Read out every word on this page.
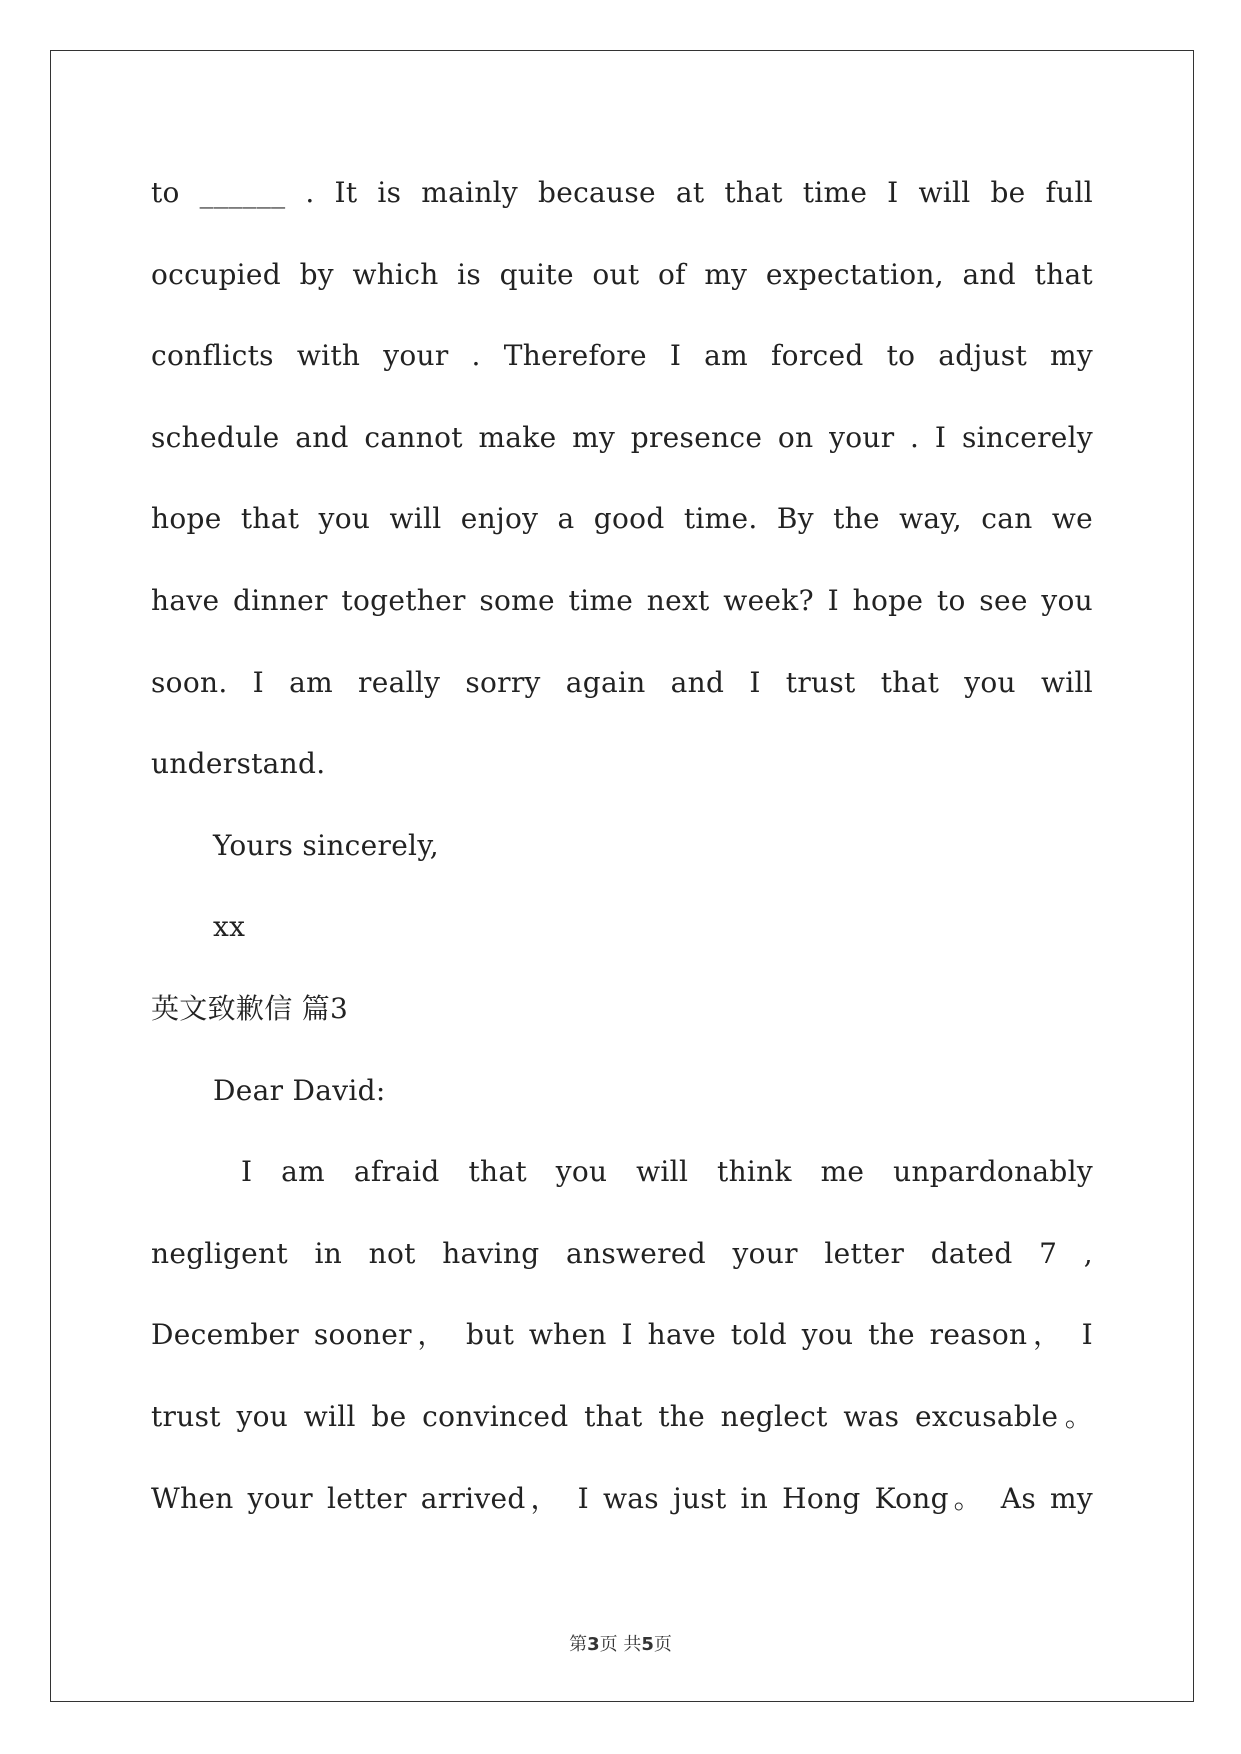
to ______ . It is mainly because at that time I will be full
occupied by which is quite out of my expectation, and that
conflicts with your . Therefore I am forced to adjust my
schedule and cannot make my presence on your . I sincerely
hope that you will enjoy a good time. By the way, can we
have dinner together some time next week? I hope to see you
soon. I am really sorry again and I trust that you will
understand.
Yours sincerely,
xx
英文致歉信 篇3
Dear David:
I am afraid that you will think me unpardonably
negligent in not having answered your letter dated 7 ,
December sooner， but when I have told you the reason， I
trust you will be convinced that the neglect was excusable。
When your letter arrived， I was just in Hong Kong。 As my
第3页 共5页
